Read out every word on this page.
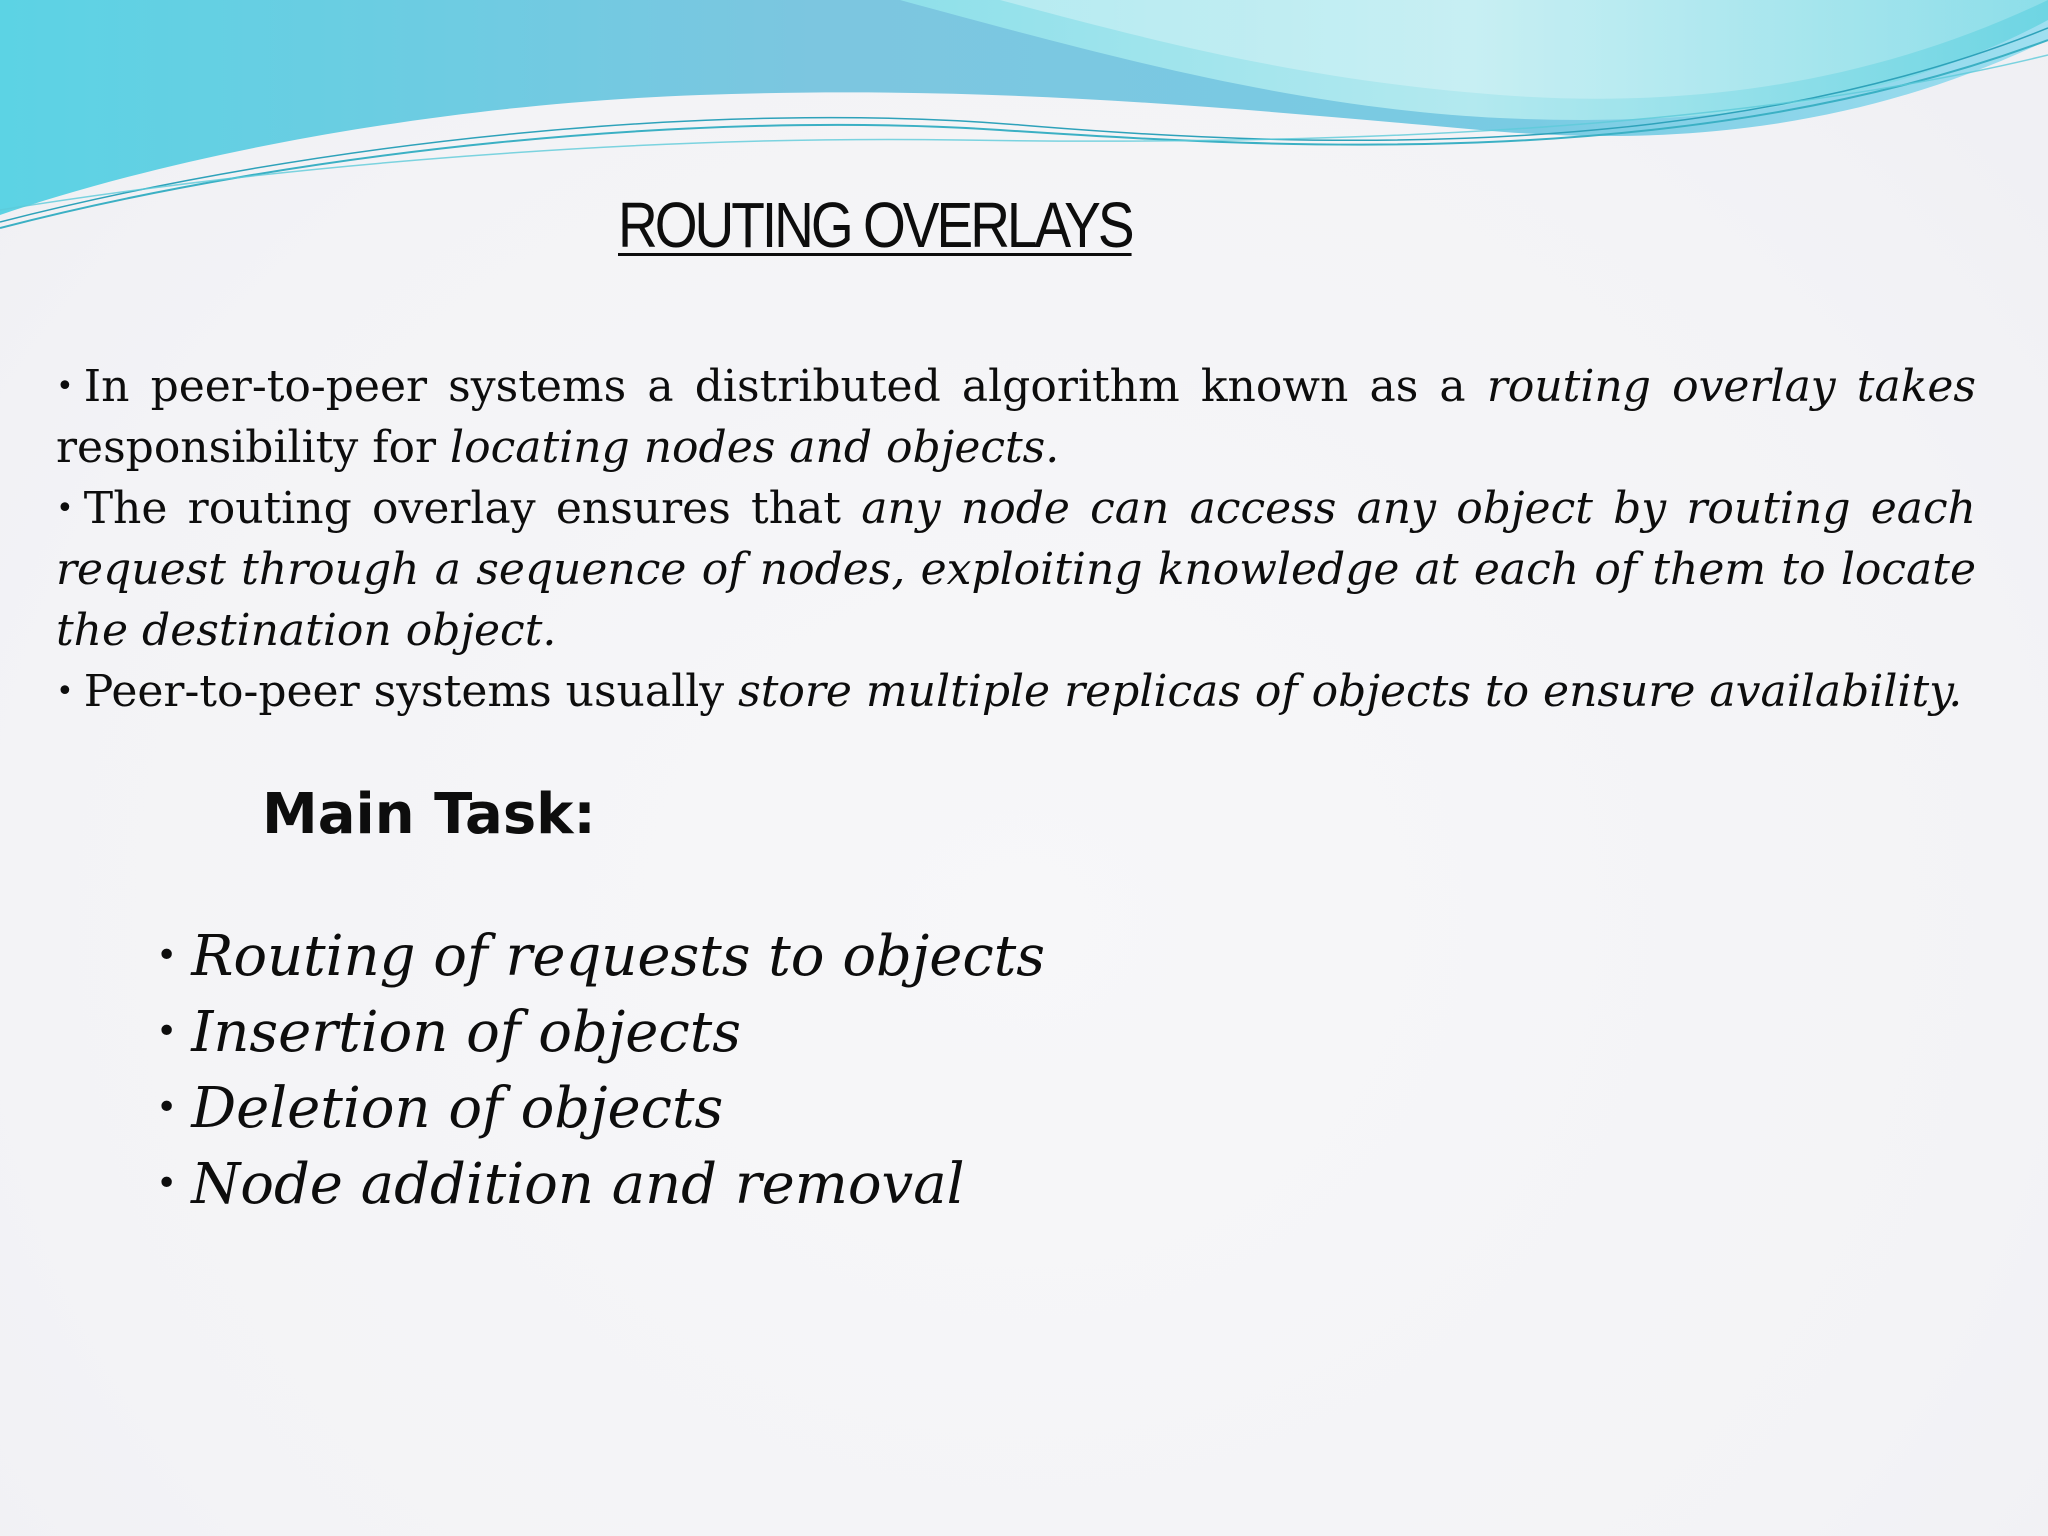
ROUTING OVERLAYS

• In peer-to-peer systems a distributed algorithm known as a routing overlay takes responsibility for locating nodes and objects.

• The routing overlay ensures that any node can access any object by routing each request through a sequence of nodes, exploiting knowledge at each of them to locate the destination object.

• Peer-to-peer systems usually store multiple replicas of objects to ensure availability.

Main Task:
• Routing of requests to objects
• Insertion of objects
• Deletion of objects
• Node addition and removal
